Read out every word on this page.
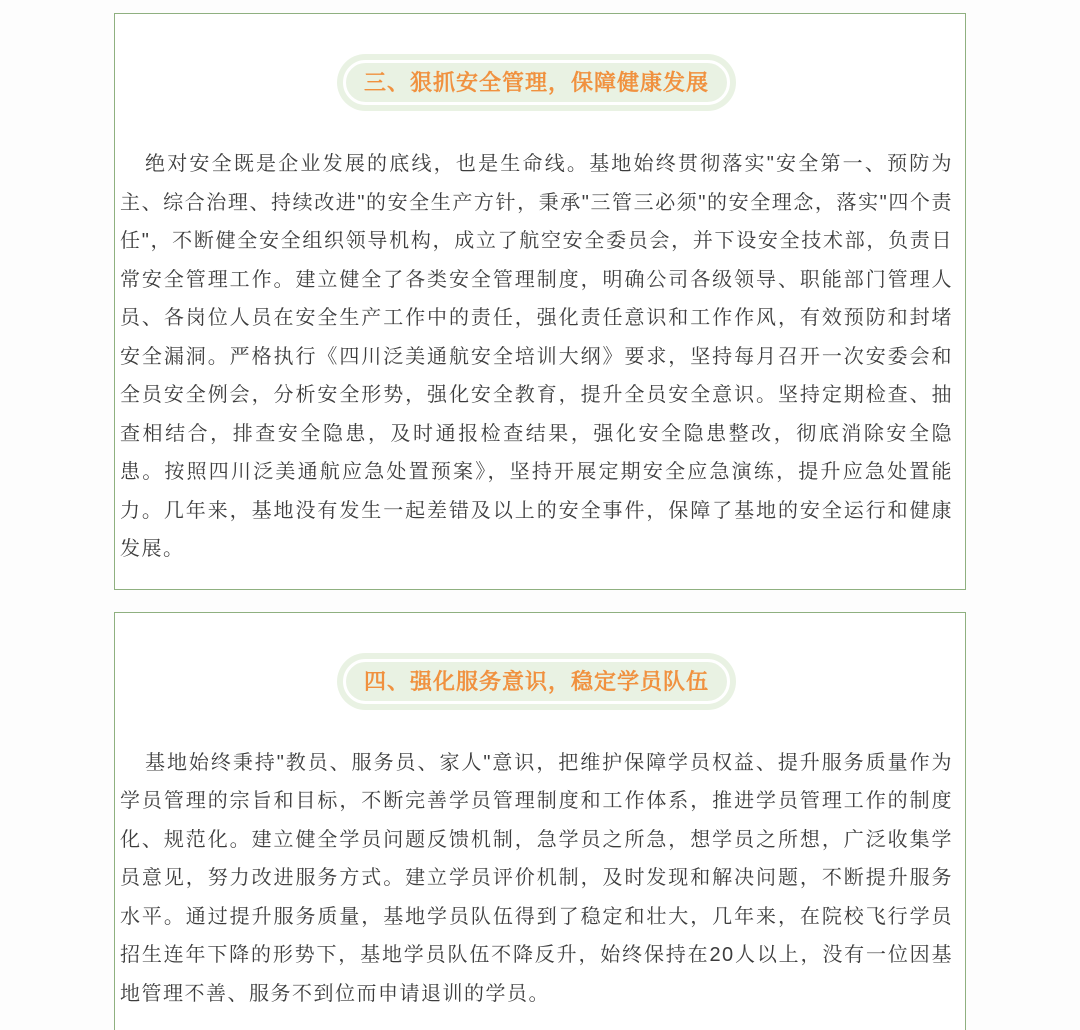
三、狠抓安全管理，保障健康发展

绝对安全既是企业发展的底线，也是生命线。基地始终贯彻落实"安全第一、预防为主、综合治理、持续改进"的安全生产方针，秉承"三管三必须"的安全理念，落实"四个责任"，不断健全安全组织领导机构，成立了航空安全委员会，并下设安全技术部，负责日常安全管理工作。建立健全了各类安全管理制度，明确公司各级领导、职能部门管理人员、各岗位人员在安全生产工作中的责任，强化责任意识和工作作风，有效预防和封堵安全漏洞。严格执行《四川泛美通航安全培训大纲》要求，坚持每月召开一次安委会和全员安全例会，分析安全形势，强化安全教育，提升全员安全意识。坚持定期检查、抽查相结合，排查安全隐患，及时通报检查结果，强化安全隐患整改，彻底消除安全隐患。按照四川泛美通航应急处置预案》，坚持开展定期安全应急演练，提升应急处置能力。几年来，基地没有发生一起差错及以上的安全事件，保障了基地的安全运行和健康发展。

四、强化服务意识，稳定学员队伍

基地始终秉持"教员、服务员、家人"意识，把维护保障学员权益、提升服务质量作为学员管理的宗旨和目标，不断完善学员管理制度和工作体系，推进学员管理工作的制度化、规范化。建立健全学员问题反馈机制，急学员之所急，想学员之所想，广泛收集学员意见，努力改进服务方式。建立学员评价机制，及时发现和解决问题，不断提升服务水平。通过提升服务质量，基地学员队伍得到了稳定和壮大，几年来，在院校飞行学员招生连年下降的形势下，基地学员队伍不降反升，始终保持在20人以上，没有一位因基地管理不善、服务不到位而申请退训的学员。
